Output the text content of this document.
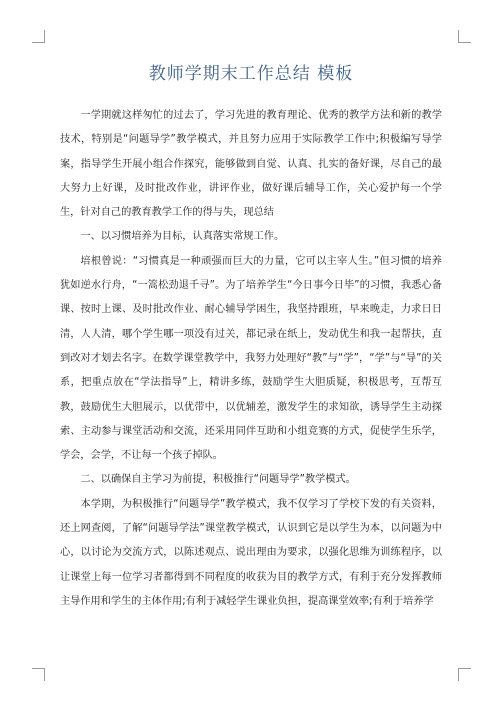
教师学期末工作总结 模板

一学期就这样匆忙的过去了，学习先进的教育理论、优秀的教学方法和新的教学技术，特别是“问题导学”教学模式，并且努力应用于实际教学工作中;积极编写导学案，指导学生开展小组合作探究，能够做到自觉、认真、扎实的备好课，尽自己的最大努力上好课，及时批改作业，讲评作业，做好课后辅导工作，关心爱护每一个学生，针对自己的教育教学工作的得与失，现总结

一、以习惯培养为目标，认真落实常规工作。

培根曾说：“习惯真是一种顽强而巨大的力量，它可以主宰人生。”但习惯的培养犹如逆水行舟，“一篙松劲退千寻”。为了培养学生“今日事今日毕”的习惯，我悉心备课、按时上课、及时批改作业、耐心辅导学困生，我坚持跟班，早来晚走，力求日日清，人人清，哪个学生哪一项没有过关，都记录在纸上，发动优生和我一起帮扶，直到改对才划去名字。在数学课堂教学中，我努力处理好“教”与“学”，“学”与“导”的关系，把重点放在“学法指导”上，精讲多练，鼓励学生大胆质疑，积极思考，互帮互教，鼓励优生大胆展示，以优带中，以优辅差，激发学生的求知欲，诱导学生主动探索、主动参与课堂活动和交流，还采用同伴互助和小组竞赛的方式，促使学生乐学，学会，会学，不让每一个孩子掉队。

二、以确保自主学习为前提，积极推行“问题导学”教学模式。

本学期，为积极推行“问题导学”教学模式，我不仅学习了学校下发的有关资料，还上网查阅，了解“问题导学法”课堂教学模式，认识到它是以学生为本，以问题为中心，以讨论为交流方式，以陈述观点、说出理由为要求，以强化思维为训练程序，以让课堂上每一位学习者都得到不同程度的收获为目的教学方式，有利于充分发挥教师主导作用和学生的主体作用;有利于减轻学生课业负担，提高课堂效率;有利于培养学
